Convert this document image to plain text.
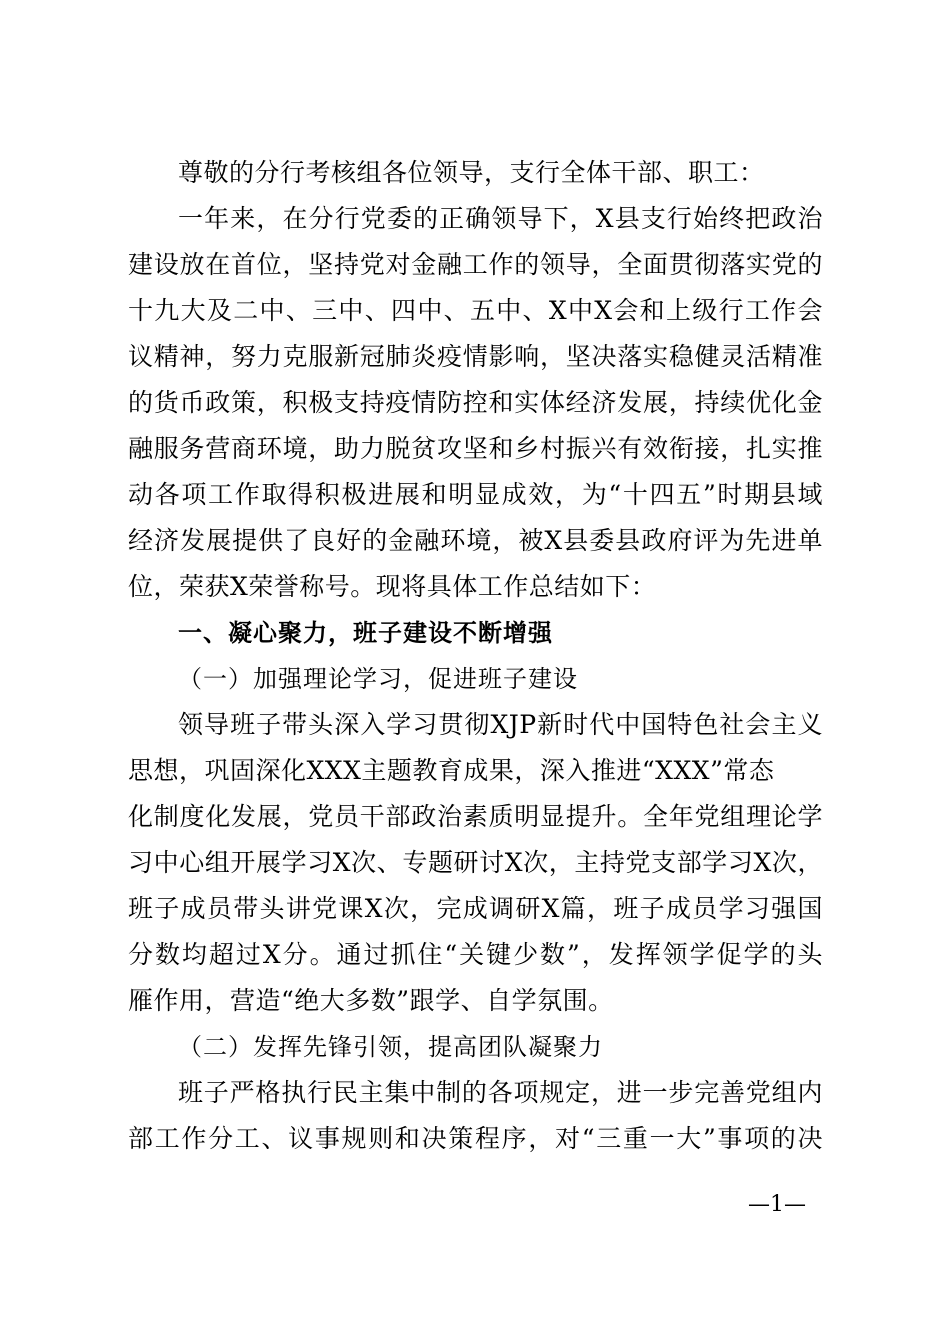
尊敬的分行考核组各位领导，支行全体干部、职工：
一年来，在分行党委的正确领导下，X县支行始终把政治
建设放在首位，坚持党对金融工作的领导，全面贯彻落实党的
十九大及二中、三中、四中、五中、X中X会和上级行工作会
议精神，努力克服新冠肺炎疫情影响，坚决落实稳健灵活精准
的货币政策，积极支持疫情防控和实体经济发展，持续优化金
融服务营商环境，助力脱贫攻坚和乡村振兴有效衔接，扎实推
动各项工作取得积极进展和明显成效，为“十四五”时期县域
经济发展提供了良好的金融环境，被X县委县政府评为先进单
位，荣获X荣誉称号。现将具体工作总结如下：
一、凝心聚力，班子建设不断增强
（一）加强理论学习，促进班子建设
领导班子带头深入学习贯彻XJP新时代中国特色社会主义
思想，巩固深化XXX主题教育成果，深入推进“XXX”常态
化制度化发展，党员干部政治素质明显提升。全年党组理论学
习中心组开展学习X次、专题研讨X次，主持党支部学习X次，
班子成员带头讲党课X次，完成调研X篇，班子成员学习强国
分数均超过X分。通过抓住“关键少数”，发挥领学促学的头
雁作用，营造“绝大多数”跟学、自学氛围。
（二）发挥先锋引领，提高团队凝聚力
班子严格执行民主集中制的各项规定，进一步完善党组内
部工作分工、议事规则和决策程序，对“三重一大”事项的决
—1—
